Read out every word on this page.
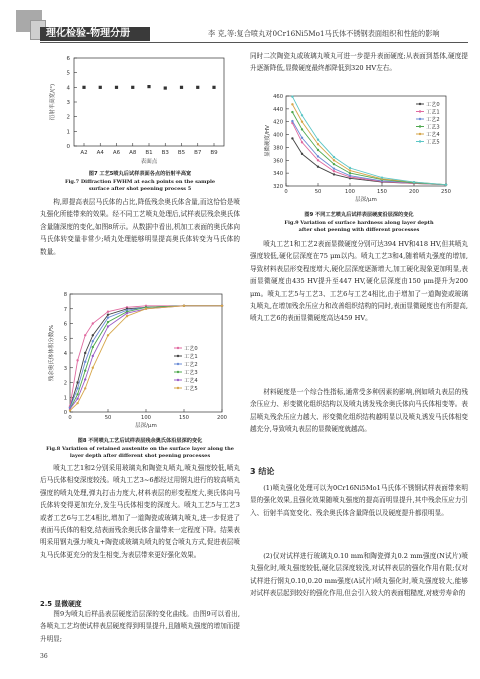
理化检验-物理分册	李 克,等:复合喷丸对0Cr16Ni5Mo1马氏体不锈钢表面组织和性能的影响
0
1
2
3
4
5
6
A2 A4 A6 A8 B1 B3 B5 B7 B9
表面点
衍射半高宽/(°)
图7 工艺5喷丸后试样表面各点的衍射半高宽
Fig.7 Diffraction FWHM at each points on the sample
surface after shot peening process 5
构,即提高表层马氏体的占比,降低残余奥氏体含量,而这恰恰是喷丸强化所能带来的效果。经不同工艺喷丸处理后,试样表层残余奥氏体含量随深度的变化,如图8所示。从数据中看出,机加工表面的奥氏体向马氏体转变量非常少;喷丸处理能够明显提高奥氏体转变为马氏体的数量。
0
1
2
3
4
5
6
7
8
0	50	100	150	200
层深/μm
残余奥氏体体积分数/%	工艺0
工艺1
工艺2
工艺3
工艺4
工艺5
图8 不同喷丸工艺后试样表层残余奥氏体沿层深的变化
Fig.8 Variation of retained austenite on the surface layer along the
layer depth after different shot peening processes
喷丸工艺1和2分别采用玻璃丸和陶瓷丸喷丸,喷丸强度较低,喷丸后马氏体相变深度较浅。喷丸工艺3~6都经过用钢丸进行的较高喷丸强度的喷丸处理,弹丸打击力度大,材料表层的形变程度大,奥氏体向马氏体转变得更加充分,发生马氏体相变的深度大。喷丸工艺5与工艺3或者工艺6与工艺4相比,增加了一道陶瓷或玻璃丸喷丸,进一步促进了表面马氏体的相变,结表面残余奥氏体含量带来一定程度下降。结果表明采用钢丸强力喷丸+陶瓷或玻璃丸喷丸的复合喷丸方式,促进表层喷丸马氏体更充分的发生相变,为表层带来更好强化效果。
2.5 显微硬度
图9为喷丸后样品表层硬度沿层深的变化曲线。由图9可以看出,各喷丸工艺均使试样表层硬度得到明显提升,且随喷丸强度的增加而提升明显;
36
同时二次陶瓷丸或玻璃丸喷丸可进一步提升表面硬度;从表面到基体,硬度提升逐渐降低,显微硬度最终都降低到320 HV左右。
320
340
360
380
400
420
440
460
0	50	100	150	200	250
层深/μm
显微硬度/HV
工艺0
工艺1
工艺2
工艺3
工艺4
工艺5
图9 不同工艺喷丸后试样表层硬度沿层深的变化
Fig.9 Variation of surface hardness along layer depth
after shot peening with different processes
喷丸工艺1和工艺2表面显微硬度分别可达394 HV和418 HV,但其喷丸强度较低,硬化层深度在75 μm以内。喷丸工艺3和4,随着喷丸强度的增加,导致材料表层形变程度增大,硬化层深度逐渐增大,加工硬化现象更加明显,表面显微硬度由435 HV提升至447 HV,硬化层深度由150 μm提升为200 μm。喷丸工艺5与工艺3、工艺6与工艺4相比,由于增加了一道陶瓷或玻璃丸喷丸,在增加残余压应力和改善组织结构的同时,表面显微硬度也有所提高,喷丸工艺6的表面显微硬度高达459 HV。
材料硬度是一个综合性指标,通常受多种因素的影响,例如喷丸表层的残余压应力、形变微化组织结构以及喷丸诱发残余奥氏体向马氏体相变等。表层喷丸残余压应力越大、形变微化组织结构越明显以及喷丸诱发马氏体相变越充分,导致喷丸表层的显微硬度就越高。
3 结论
(1)喷丸强化处理可以为0Cr16Ni5Mo1马氏体不锈钢试样表面带来明显的强化效果,且强化效果随喷丸强度的提高而明显提升,其中残余压应力引入、衍射半高宽变化、残余奥氏体含量降低以及硬度提升都很明显。
(2)仅对试样进行玻璃丸0.10 mm和陶瓷弹丸0.2 mm强度(N试片)喷丸强化时,喷丸强度较低,硬化层深度较浅,对试样表层的强化作用有限;仅对试样进行钢丸0.10,0.20 mm强度(A试片)喷丸强化时,喷丸强度较大,能够对试样表层起到较好的强化作用,但会引入较大的表面粗糙度,对疲劳寿命的
